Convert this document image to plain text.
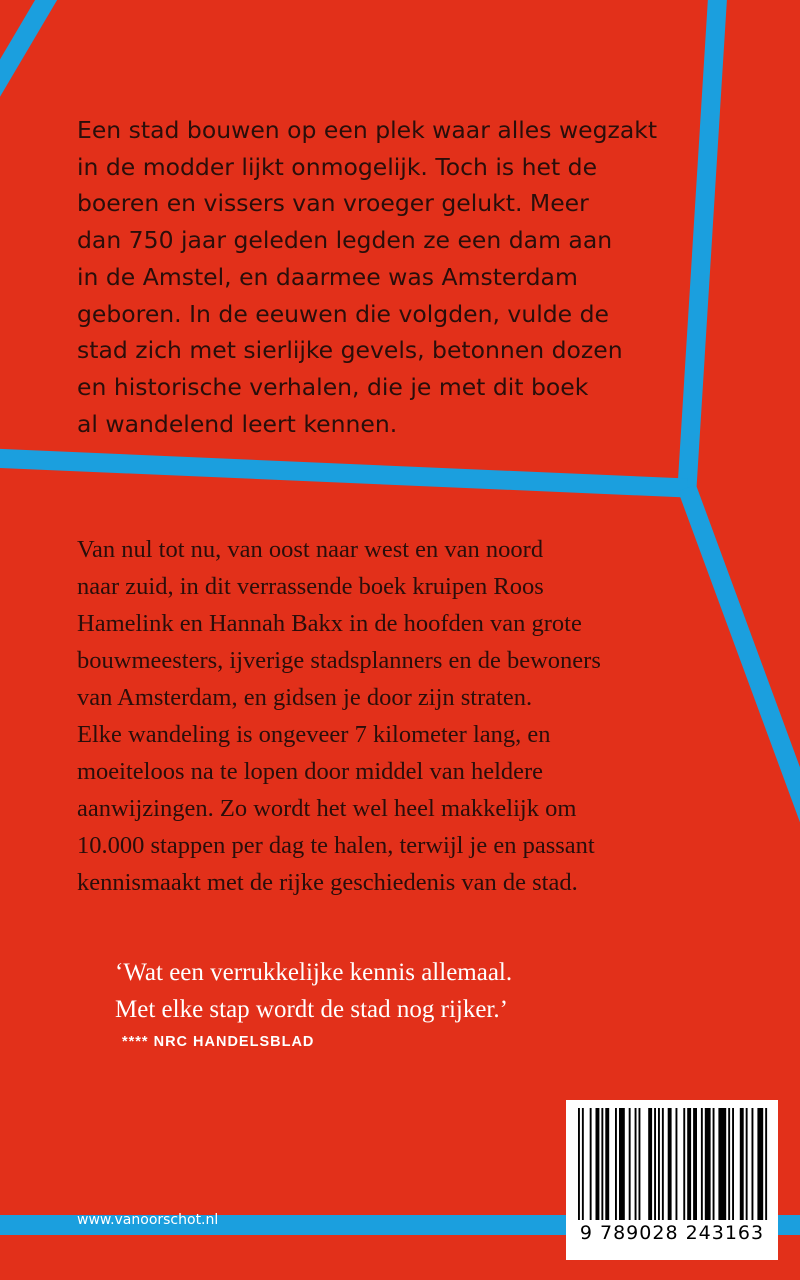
Een stad bouwen op een plek waar alles wegzakt
in de modder lijkt onmogelijk. Toch is het de
boeren en vissers van vroeger gelukt. Meer
dan 750 jaar geleden legden ze een dam aan
in de Amstel, en daarmee was Amsterdam
geboren. In de eeuwen die volgden, vulde de
stad zich met sierlijke gevels, betonnen dozen
en historische verhalen, die je met dit boek
al wandelend leert kennen.

Van nul tot nu, van oost naar west en van noord
naar zuid, in dit verrassende boek kruipen Roos
Hamelink en Hannah Bakx in de hoofden van grote
bouwmeesters, ijverige stadsplanners en de bewoners
van Amsterdam, en gidsen je door zijn straten.
Elke wandeling is ongeveer 7 kilometer lang, en
moeiteloos na te lopen door middel van heldere
aanwijzingen. Zo wordt het wel heel makkelijk om
10.000 stappen per dag te halen, terwijl je en passant
kennismaakt met de rijke geschiedenis van de stad.

‘Wat een verrukkelijke kennis allemaal.
Met elke stap wordt de stad nog rijker.’

**** NRC HANDELSBLAD
www.vanoorschot.nl
9 789028 243163
